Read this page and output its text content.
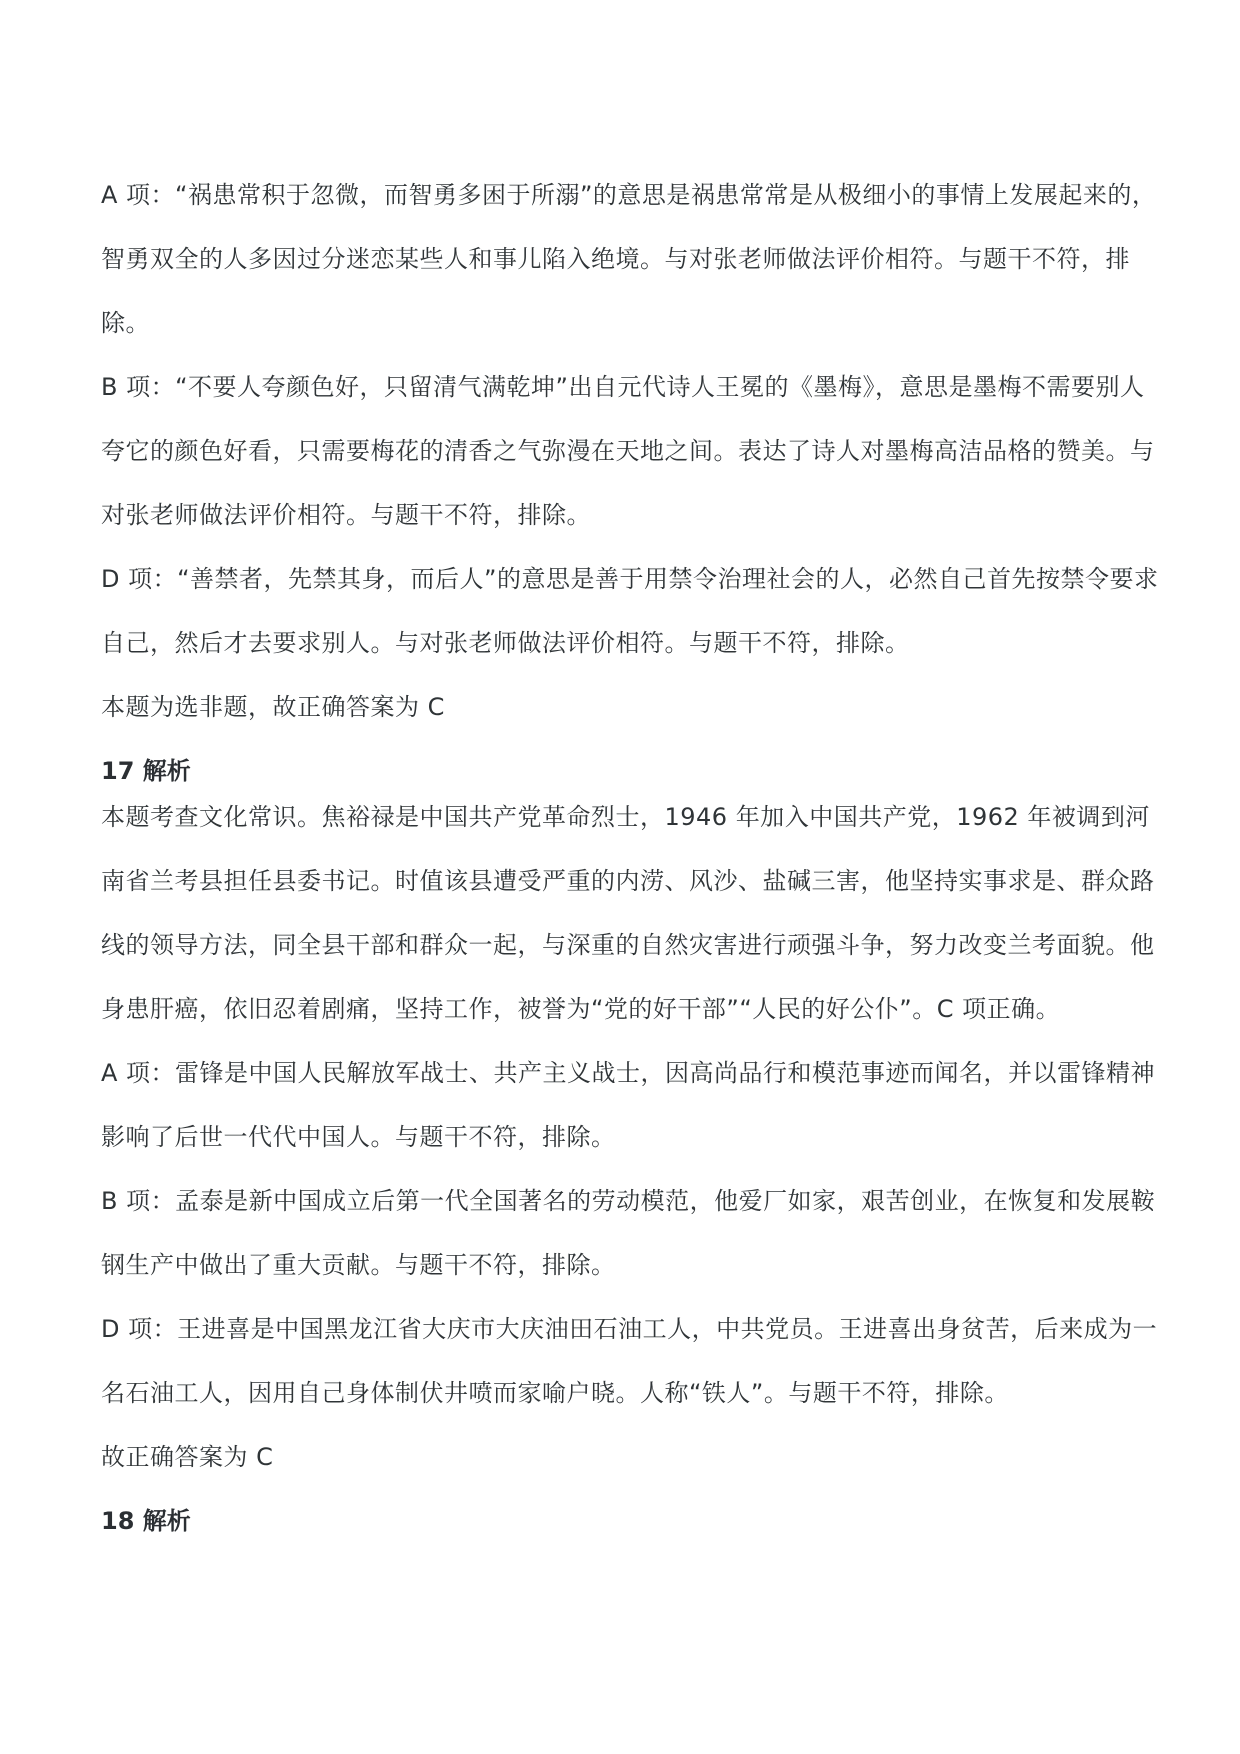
A 项：“祸患常积于忽微，而智勇多困于所溺”的意思是祸患常常是从极细小的事情上发展起来的，智勇双全的人多因过分迷恋某些人和事儿陷入绝境。与对张老师做法评价相符。与题干不符，排除。

B 项：“不要人夸颜色好，只留清气满乾坤”出自元代诗人王冕的《墨梅》，意思是墨梅不需要别人夸它的颜色好看，只需要梅花的清香之气弥漫在天地之间。表达了诗人对墨梅高洁品格的赞美。与对张老师做法评价相符。与题干不符，排除。

D 项：“善禁者，先禁其身，而后人”的意思是善于用禁令治理社会的人，必然自己首先按禁令要求自己，然后才去要求别人。与对张老师做法评价相符。与题干不符，排除。

本题为选非题，故正确答案为 C

17 解析

本题考查文化常识。焦裕禄是中国共产党革命烈士，1946 年加入中国共产党，1962 年被调到河南省兰考县担任县委书记。时值该县遭受严重的内涝、风沙、盐碱三害，他坚持实事求是、群众路线的领导方法，同全县干部和群众一起，与深重的自然灾害进行顽强斗争，努力改变兰考面貌。他身患肝癌，依旧忍着剧痛，坚持工作，被誉为“党的好干部”“人民的好公仆”。C 项正确。

A 项：雷锋是中国人民解放军战士、共产主义战士，因高尚品行和模范事迹而闻名，并以雷锋精神影响了后世一代代中国人。与题干不符，排除。

B 项：孟泰是新中国成立后第一代全国著名的劳动模范，他爱厂如家，艰苦创业，在恢复和发展鞍钢生产中做出了重大贡献。与题干不符，排除。

D 项：王进喜是中国黑龙江省大庆市大庆油田石油工人，中共党员。王进喜出身贫苦，后来成为一名石油工人，因用自己身体制伏井喷而家喻户晓。人称“铁人”。与题干不符，排除。

故正确答案为 C

18 解析
